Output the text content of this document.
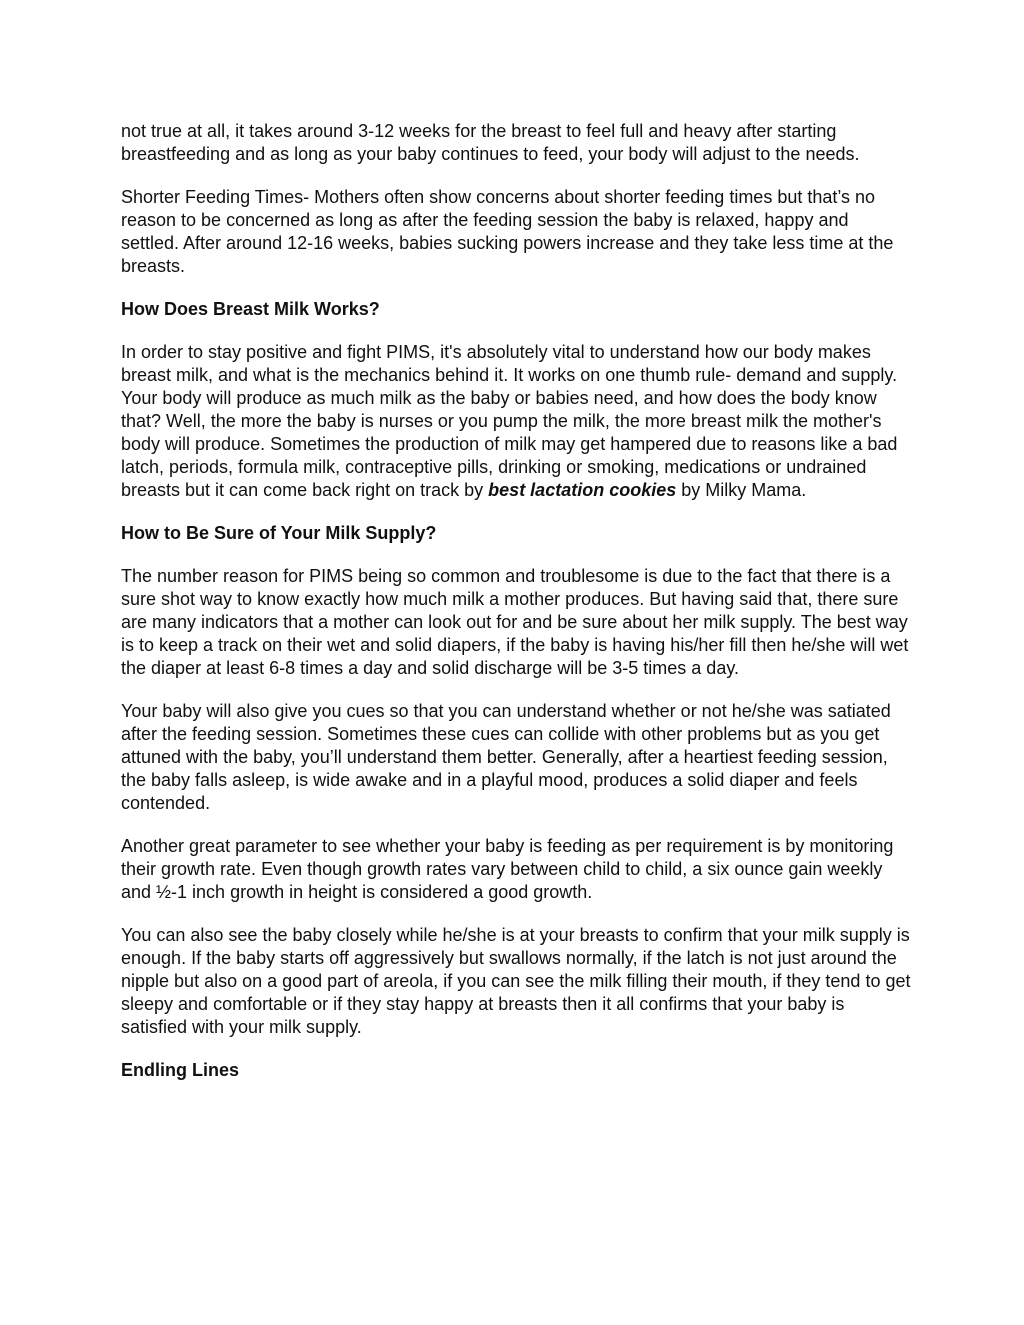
not true at all, it takes around 3-12 weeks for the breast to feel full and heavy after starting breastfeeding and as long as your baby continues to feed, your body will adjust to the needs.

Shorter Feeding Times- Mothers often show concerns about shorter feeding times but that’s no reason to be concerned as long as after the feeding session the baby is relaxed, happy and settled. After around 12-16 weeks, babies sucking powers increase and they take less time at the breasts.

How Does Breast Milk Works?

In order to stay positive and fight PIMS, it's absolutely vital to understand how our body makes breast milk, and what is the mechanics behind it. It works on one thumb rule- demand and supply. Your body will produce as much milk as the baby or babies need, and how does the body know that? Well, the more the baby is nurses or you pump the milk, the more breast milk the mother's body will produce. Sometimes the production of milk may get hampered due to reasons like a bad latch, periods, formula milk, contraceptive pills, drinking or smoking, medications or undrained breasts but it can come back right on track by best lactation cookies by Milky Mama.

How to Be Sure of Your Milk Supply?

The number reason for PIMS being so common and troublesome is due to the fact that there is a sure shot way to know exactly how much milk a mother produces. But having said that, there sure are many indicators that a mother can look out for and be sure about her milk supply. The best way is to keep a track on their wet and solid diapers, if the baby is having his/her fill then he/she will wet the diaper at least 6-8 times a day and solid discharge will be 3-5 times a day.

Your baby will also give you cues so that you can understand whether or not he/she was satiated after the feeding session. Sometimes these cues can collide with other problems but as you get attuned with the baby, you’ll understand them better. Generally, after a heartiest feeding session, the baby falls asleep, is wide awake and in a playful mood, produces a solid diaper and feels contended.

Another great parameter to see whether your baby is feeding as per requirement is by monitoring their growth rate. Even though growth rates vary between child to child, a six ounce gain weekly and ½-1 inch growth in height is considered a good growth.

You can also see the baby closely while he/she is at your breasts to confirm that your milk supply is enough. If the baby starts off aggressively but swallows normally, if the latch is not just around the nipple but also on a good part of areola, if you can see the milk filling their mouth, if they tend to get sleepy and comfortable or if they stay happy at breasts then it all confirms that your baby is satisfied with your milk supply.

Endling Lines
